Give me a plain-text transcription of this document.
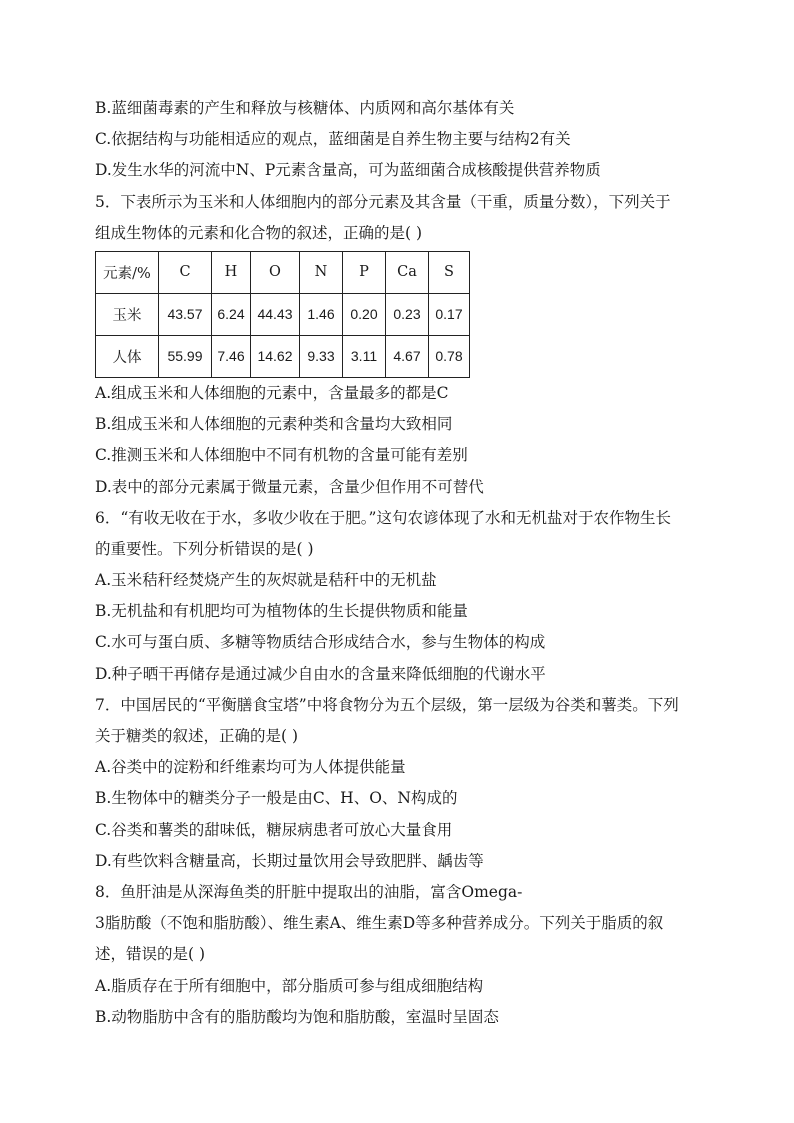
B.蓝细菌毒素的产生和释放与核糖体、内质网和高尔基体有关

C.依据结构与功能相适应的观点，蓝细菌是自养生物主要与结构2有关

D.发生水华的河流中N、P元素含量高，可为蓝细菌合成核酸提供营养物质

5．下表所示为玉米和人体细胞内的部分元素及其含量（干重，质量分数），下列关于

组成生物体的元素和化合物的叙述，正确的是( )

元素/%	C	H	O	N	P	Ca	S
玉米	43.57	6.24	44.43	1.46	0.20	0.23	0.17
人体	55.99	7.46	14.62	9.33	3.11	4.67	0.78

A.组成玉米和人体细胞的元素中，含量最多的都是C

B.组成玉米和人体细胞的元素种类和含量均大致相同

C.推测玉米和人体细胞中不同有机物的含量可能有差别

D.表中的部分元素属于微量元素，含量少但作用不可替代

6．“有收无收在于水，多收少收在于肥。”这句农谚体现了水和无机盐对于农作物生长

的重要性。下列分析错误的是( )

A.玉米秸秆经焚烧产生的灰烬就是秸秆中的无机盐

B.无机盐和有机肥均可为植物体的生长提供物质和能量

C.水可与蛋白质、多糖等物质结合形成结合水，参与生物体的构成

D.种子晒干再储存是通过减少自由水的含量来降低细胞的代谢水平

7．中国居民的“平衡膳食宝塔”中将食物分为五个层级，第一层级为谷类和薯类。下列

关于糖类的叙述，正确的是( )

A.谷类中的淀粉和纤维素均可为人体提供能量

B.生物体中的糖类分子一般是由C、H、O、N构成的

C.谷类和薯类的甜味低，糖尿病患者可放心大量食用

D.有些饮料含糖量高，长期过量饮用会导致肥胖、龋齿等

8．鱼肝油是从深海鱼类的肝脏中提取出的油脂，富含Omega-

3脂肪酸（不饱和脂肪酸）、维生素A、维生素D等多种营养成分。下列关于脂质的叙

述，错误的是( )

A.脂质存在于所有细胞中，部分脂质可参与组成细胞结构

B.动物脂肪中含有的脂肪酸均为饱和脂肪酸，室温时呈固态
